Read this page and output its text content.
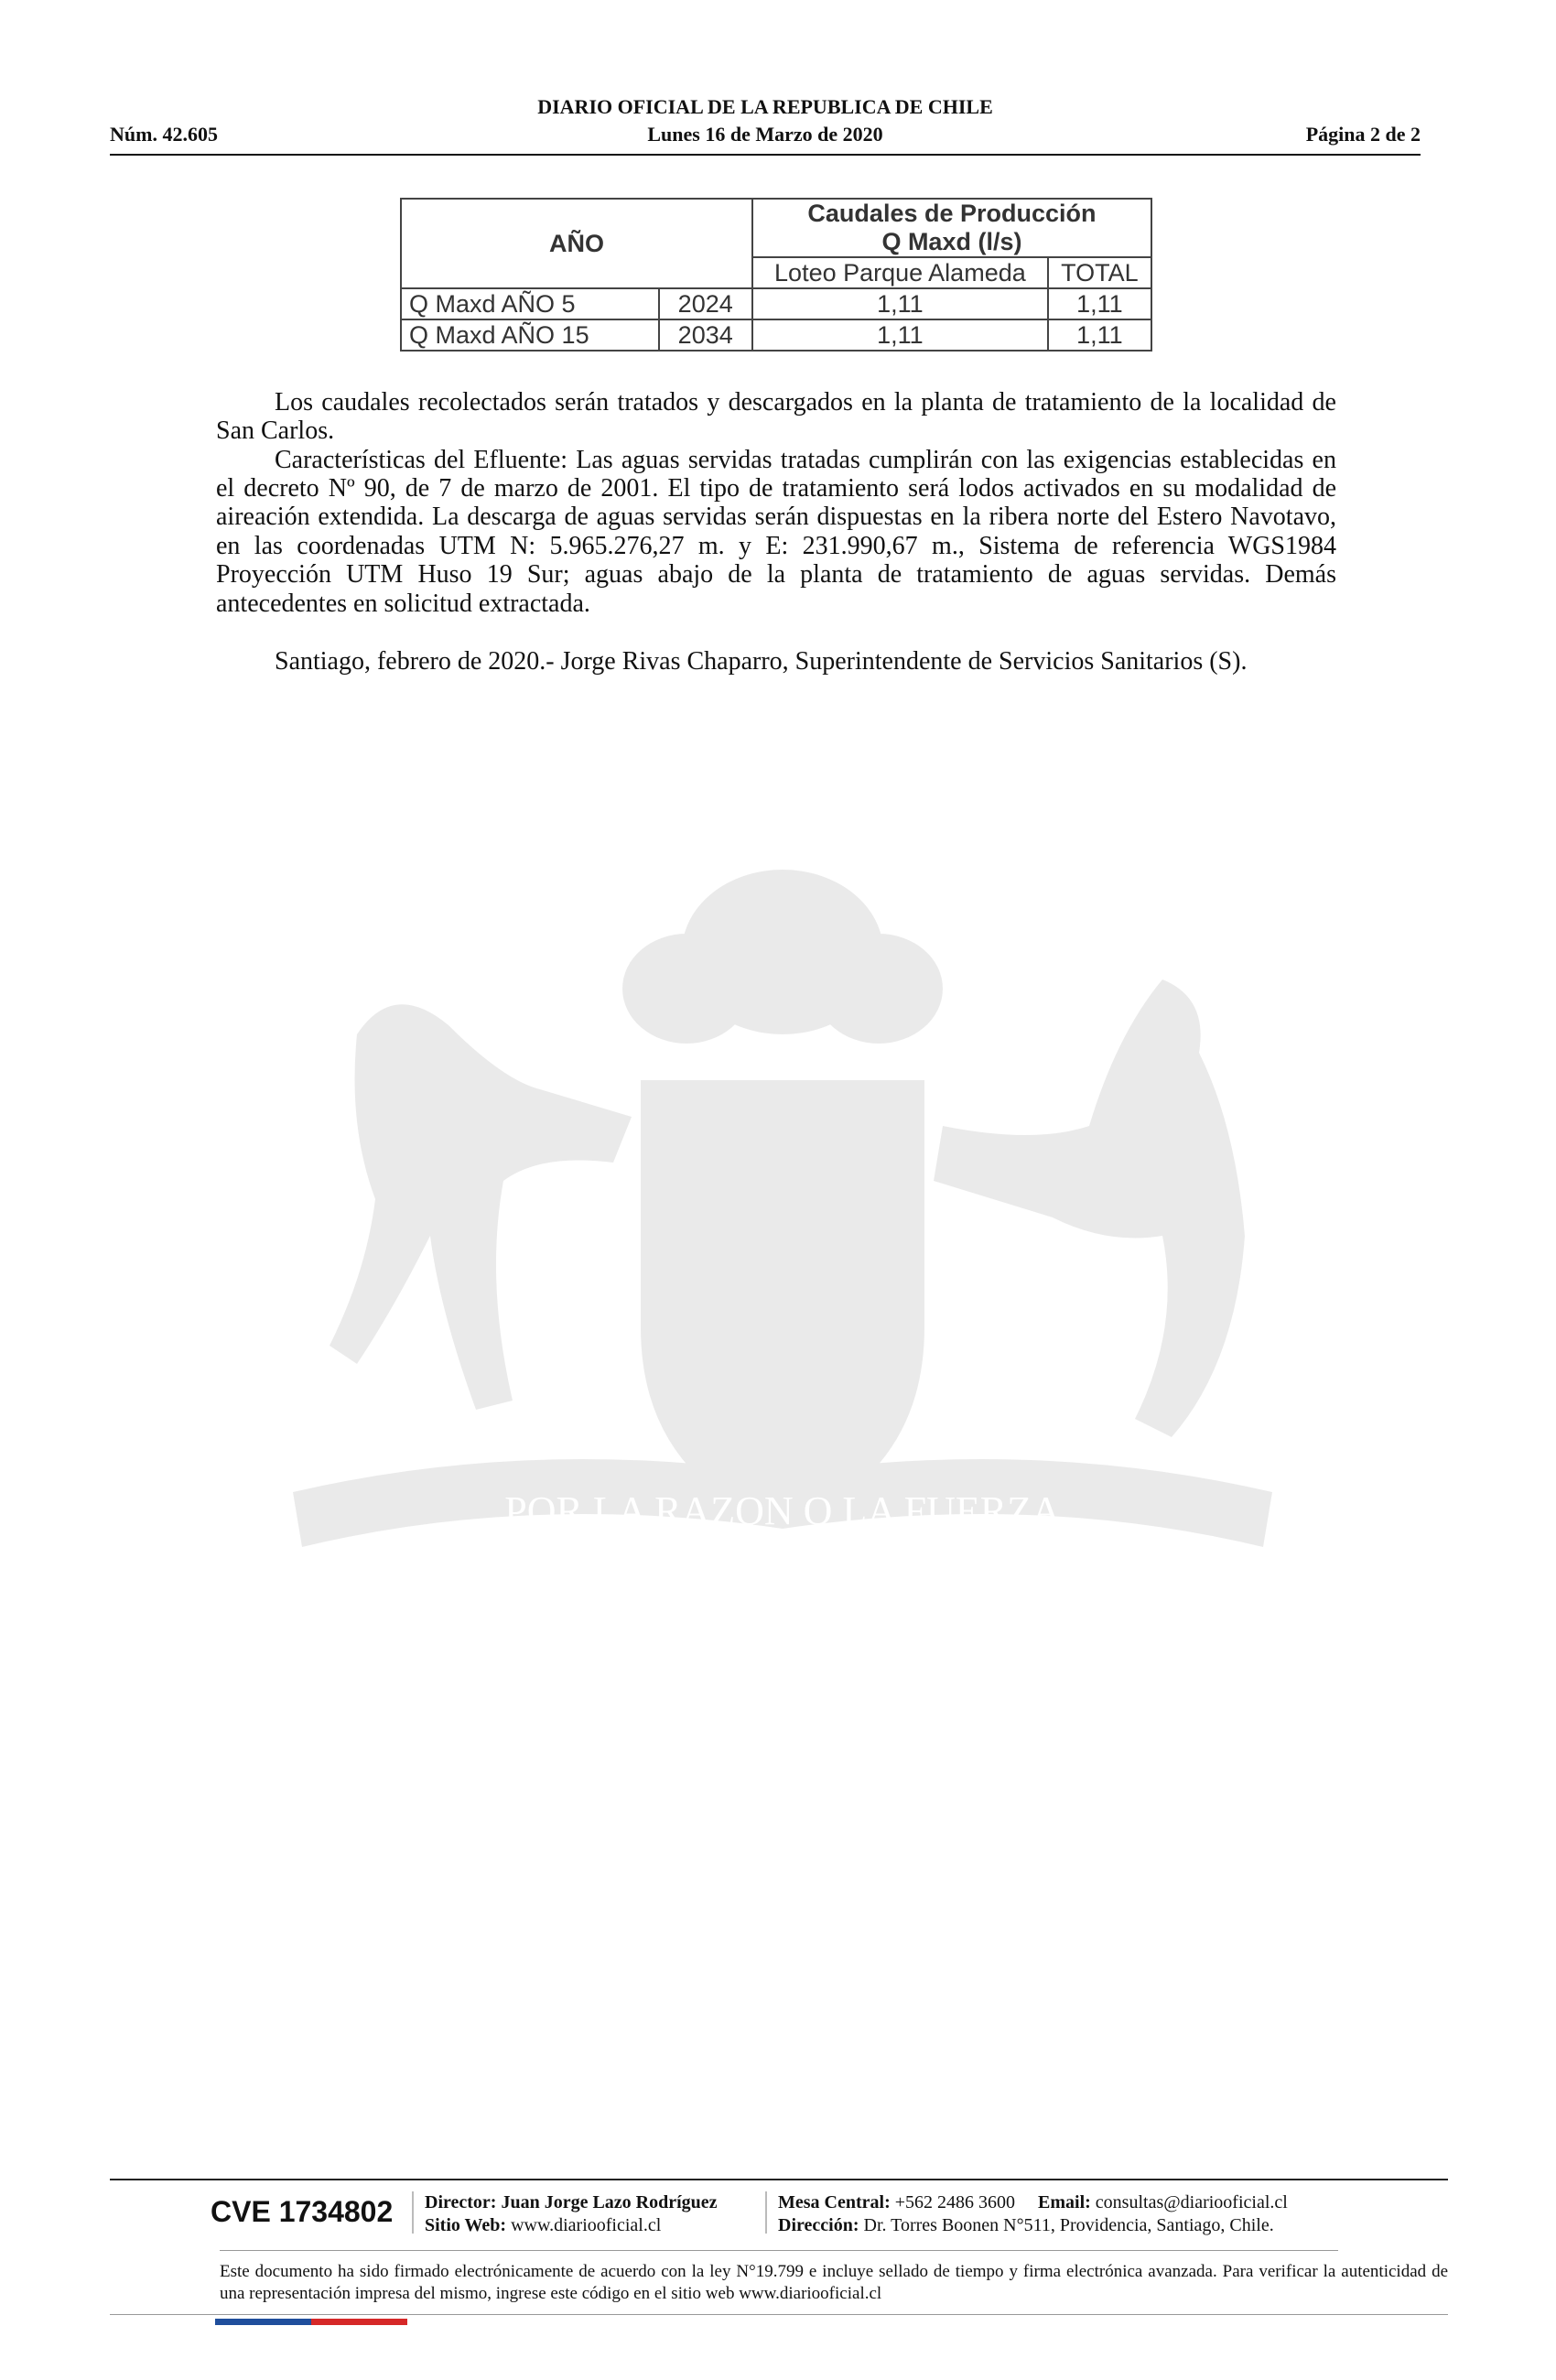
DIARIO OFICIAL DE LA REPUBLICA DE CHILE
Núm. 42.605	Lunes 16 de Marzo de 2020	Página 2 de 2
AÑO		Caudales de Producción
Q Maxd (l/s)	
		Loteo Parque Alameda	TOTAL
Q Maxd AÑO 5	2024	1,11	1,11
Q Maxd AÑO 15	2034	1,11	1,11

Los caudales recolectados serán tratados y descargados en la planta de tratamiento de la localidad de San Carlos.

Características del Efluente: Las aguas servidas tratadas cumplirán con las exigencias establecidas en el decreto Nº 90, de 7 de marzo de 2001. El tipo de tratamiento será lodos activados en su modalidad de aireación extendida. La descarga de aguas servidas serán dispuestas en la ribera norte del Estero Navotavo, en las coordenadas UTM N: 5.965.276,27 m. y E: 231.990,67 m., Sistema de referencia WGS1984 Proyección UTM Huso 19 Sur; aguas abajo de la planta de tratamiento de aguas servidas. Demás antecedentes en solicitud extractada.

Santiago, febrero de 2020.- Jorge Rivas Chaparro, Superintendente de Servicios Sanitarios (S).

POR LA RAZON O LA FUERZA
CVE 1734802 Director: Juan Jorge Lazo Rodríguez
Sitio Web: www.diariooficial.cl
Mesa Central: +562 2486 3600 Email: consultas@diariooficial.cl
Dirección: Dr. Torres Boonen N°511, Providencia, Santiago, Chile.
Este documento ha sido firmado electrónicamente de acuerdo con la ley N°19.799 e incluye sellado de tiempo y firma electrónica avanzada. Para verificar la autenticidad de una representación impresa del mismo, ingrese este código en el sitio web www.diariooficial.cl
